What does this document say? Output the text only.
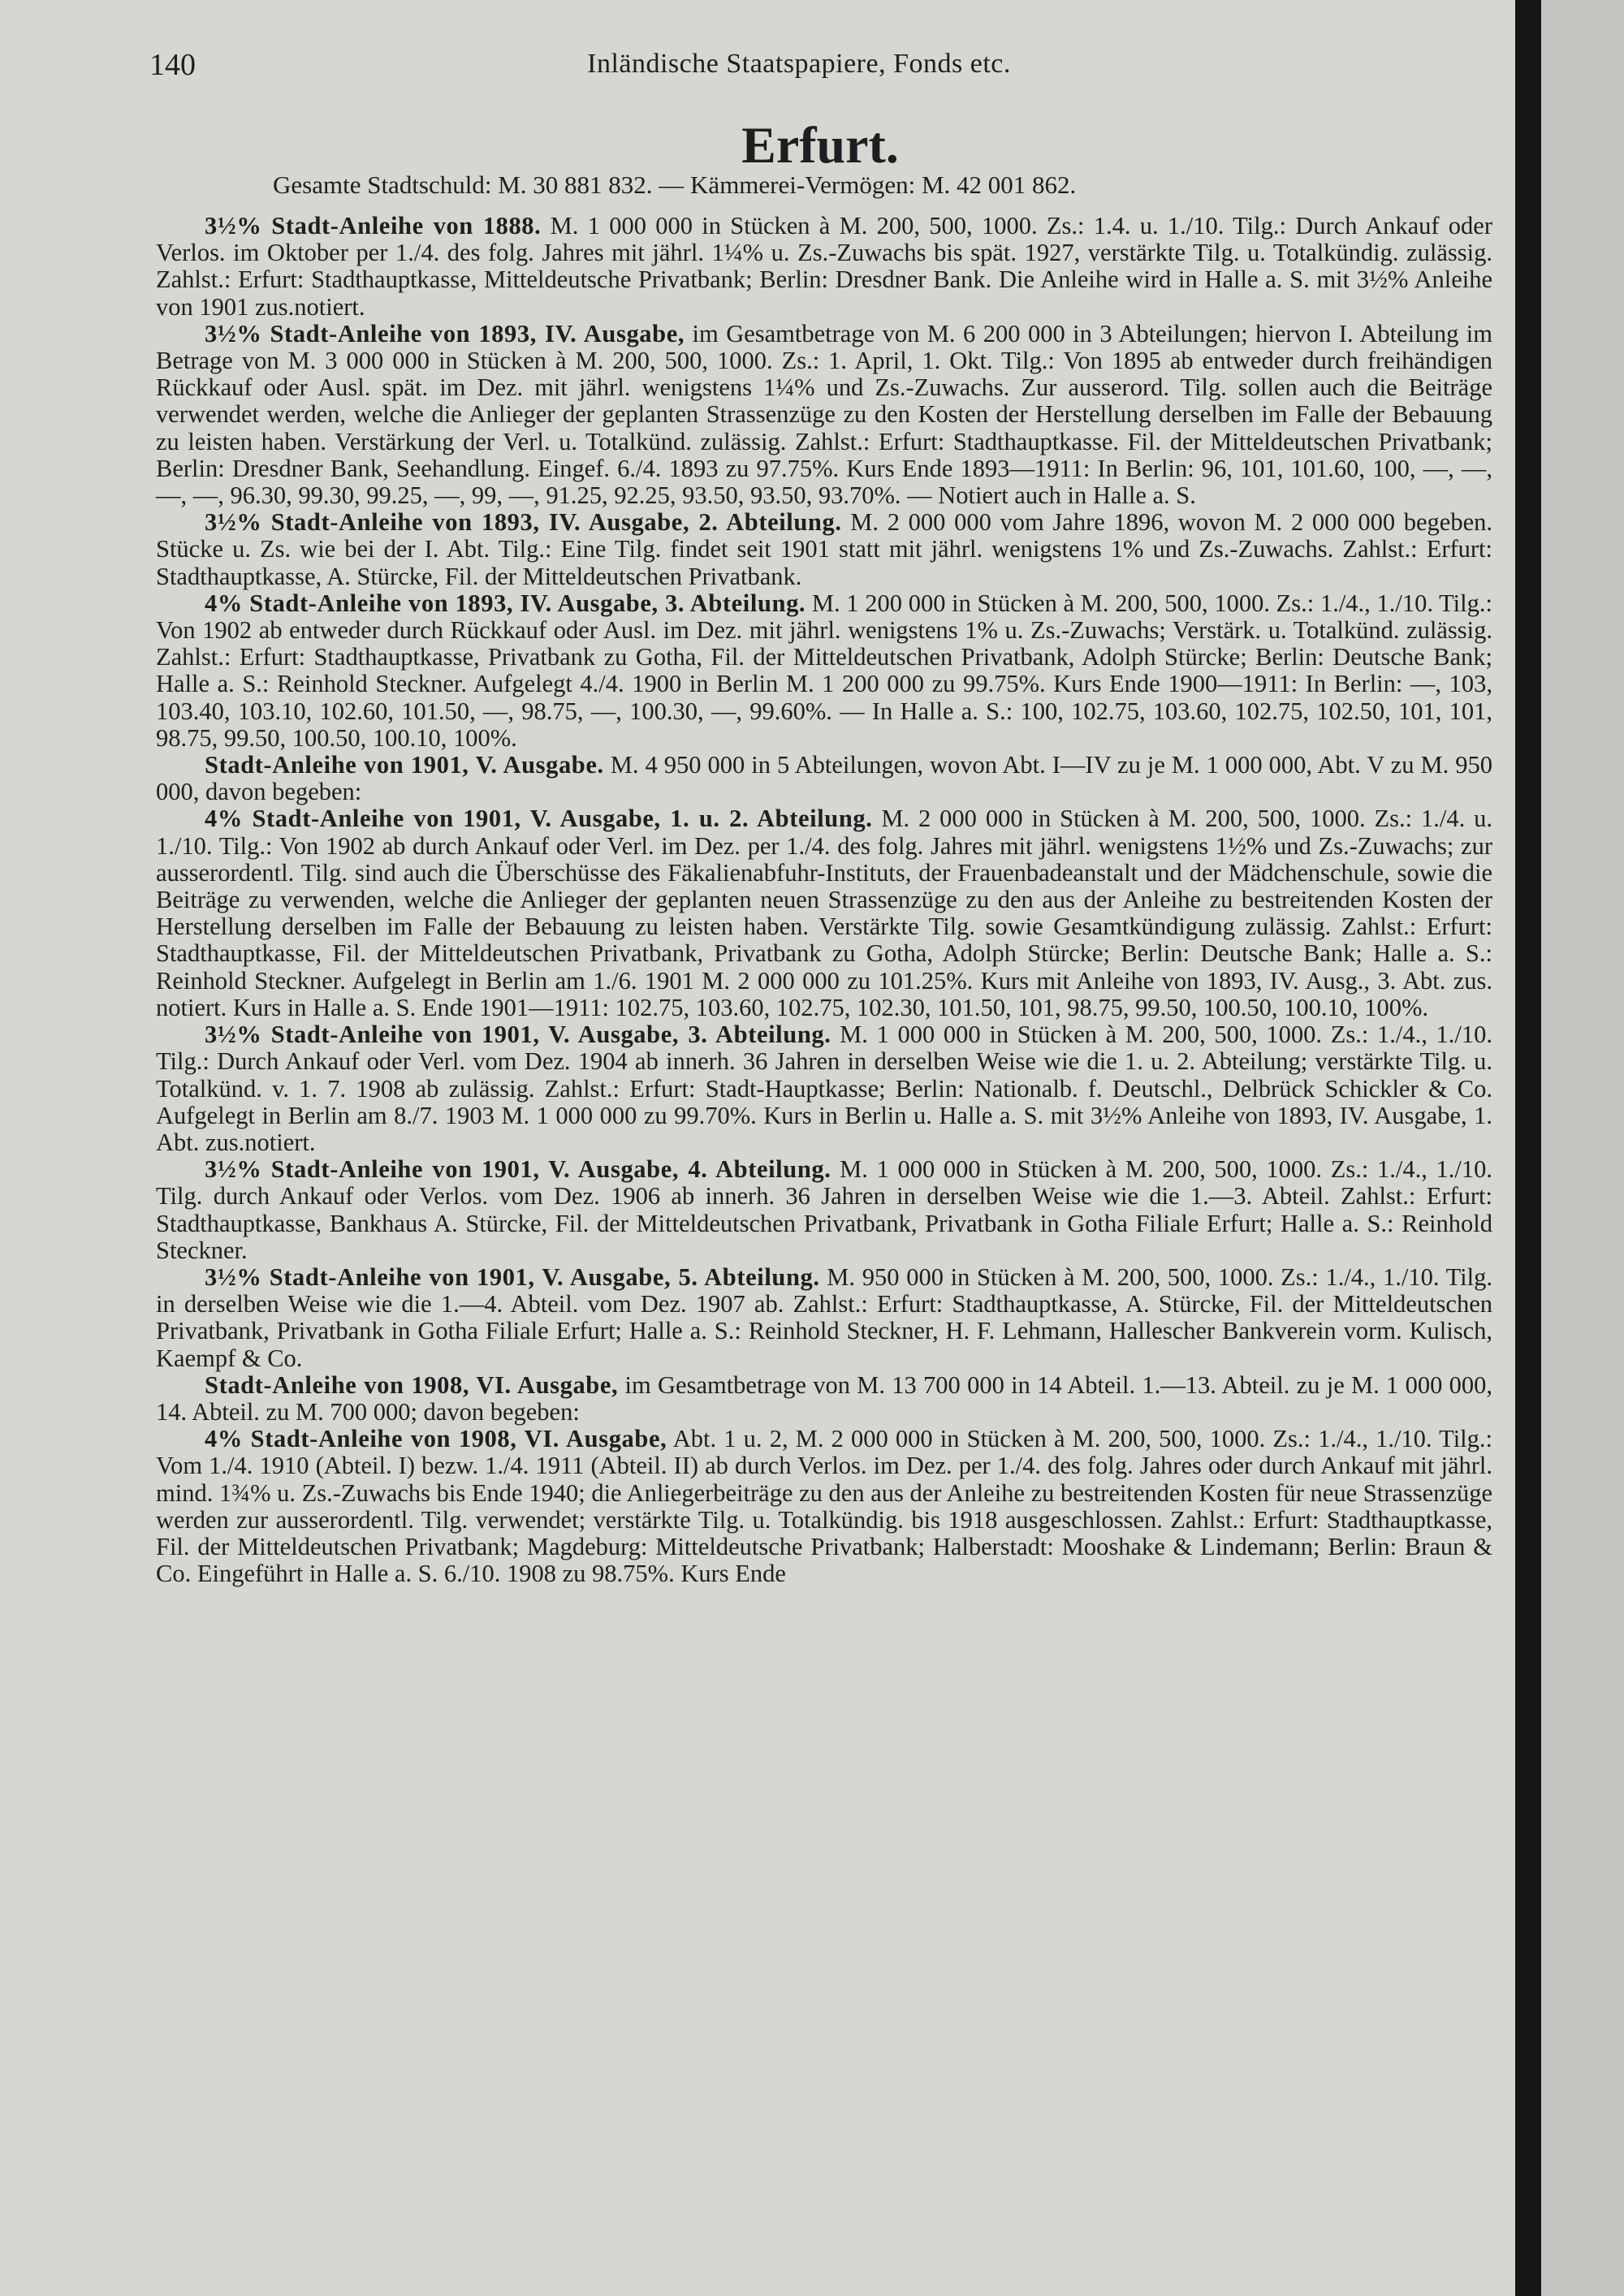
140	Inländische Staatspapiere, Fonds etc.
Erfurt.
Gesamte Stadtschuld: M. 30 881 832. — Kämmerei-Vermögen: M. 42 001 862.

3½% Stadt-Anleihe von 1888. M. 1 000 000 in Stücken à M. 200, 500, 1000. Zs.: 1.4. u. 1./10. Tilg.: Durch Ankauf oder Verlos. im Oktober per 1./4. des folg. Jahres mit jährl. 1¼% u. Zs.-Zuwachs bis spät. 1927, verstärkte Tilg. u. Totalkündig. zulässig. Zahlst.: Erfurt: Stadthauptkasse, Mitteldeutsche Privatbank; Berlin: Dresdner Bank. Die Anleihe wird in Halle a. S. mit 3½% Anleihe von 1901 zus.notiert.

3½% Stadt-Anleihe von 1893, IV. Ausgabe, im Gesamtbetrage von M. 6 200 000 in 3 Abteilungen; hiervon I. Abteilung im Betrage von M. 3 000 000 in Stücken à M. 200, 500, 1000. Zs.: 1. April, 1. Okt. Tilg.: Von 1895 ab entweder durch freihändigen Rückkauf oder Ausl. spät. im Dez. mit jährl. wenigstens 1¼% und Zs.-Zuwachs. Zur ausserord. Tilg. sollen auch die Beiträge verwendet werden, welche die Anlieger der geplanten Strassenzüge zu den Kosten der Herstellung derselben im Falle der Bebauung zu leisten haben. Verstärkung der Verl. u. Totalkünd. zulässig. Zahlst.: Erfurt: Stadthauptkasse. Fil. der Mitteldeutschen Privatbank; Berlin: Dresdner Bank, Seehandlung. Eingef. 6./4. 1893 zu 97.75%. Kurs Ende 1893—1911: In Berlin: 96, 101, 101.60, 100, —, —, —, —, 96.30, 99.30, 99.25, —, 99, —, 91.25, 92.25, 93.50, 93.50, 93.70%. — Notiert auch in Halle a. S.

3½% Stadt-Anleihe von 1893, IV. Ausgabe, 2. Abteilung. M. 2 000 000 vom Jahre 1896, wovon M. 2 000 000 begeben. Stücke u. Zs. wie bei der I. Abt. Tilg.: Eine Tilg. findet seit 1901 statt mit jährl. wenigstens 1% und Zs.-Zuwachs. Zahlst.: Erfurt: Stadthauptkasse, A. Stürcke, Fil. der Mitteldeutschen Privatbank.

4% Stadt-Anleihe von 1893, IV. Ausgabe, 3. Abteilung. M. 1 200 000 in Stücken à M. 200, 500, 1000. Zs.: 1./4., 1./10. Tilg.: Von 1902 ab entweder durch Rückkauf oder Ausl. im Dez. mit jährl. wenigstens 1% u. Zs.-Zuwachs; Verstärk. u. Totalkünd. zulässig. Zahlst.: Erfurt: Stadthauptkasse, Privatbank zu Gotha, Fil. der Mitteldeutschen Privatbank, Adolph Stürcke; Berlin: Deutsche Bank; Halle a. S.: Reinhold Steckner. Aufgelegt 4./4. 1900 in Berlin M. 1 200 000 zu 99.75%. Kurs Ende 1900—1911: In Berlin: —, 103, 103.40, 103.10, 102.60, 101.50, —, 98.75, —, 100.30, —, 99.60%. — In Halle a. S.: 100, 102.75, 103.60, 102.75, 102.50, 101, 101, 98.75, 99.50, 100.50, 100.10, 100%.

Stadt-Anleihe von 1901, V. Ausgabe. M. 4 950 000 in 5 Abteilungen, wovon Abt. I—IV zu je M. 1 000 000, Abt. V zu M. 950 000, davon begeben:

4% Stadt-Anleihe von 1901, V. Ausgabe, 1. u. 2. Abteilung. M. 2 000 000 in Stücken à M. 200, 500, 1000. Zs.: 1./4. u. 1./10. Tilg.: Von 1902 ab durch Ankauf oder Verl. im Dez. per 1./4. des folg. Jahres mit jährl. wenigstens 1½% und Zs.-Zuwachs; zur ausserordentl. Tilg. sind auch die Überschüsse des Fäkalienabfuhr-Instituts, der Frauenbadeanstalt und der Mädchenschule, sowie die Beiträge zu verwenden, welche die Anlieger der geplanten neuen Strassenzüge zu den aus der Anleihe zu bestreitenden Kosten der Herstellung derselben im Falle der Bebauung zu leisten haben. Verstärkte Tilg. sowie Gesamtkündigung zulässig. Zahlst.: Erfurt: Stadthauptkasse, Fil. der Mitteldeutschen Privatbank, Privatbank zu Gotha, Adolph Stürcke; Berlin: Deutsche Bank; Halle a. S.: Reinhold Steckner. Aufgelegt in Berlin am 1./6. 1901 M. 2 000 000 zu 101.25%. Kurs mit Anleihe von 1893, IV. Ausg., 3. Abt. zus. notiert. Kurs in Halle a. S. Ende 1901—1911: 102.75, 103.60, 102.75, 102.30, 101.50, 101, 98.75, 99.50, 100.50, 100.10, 100%.

3½% Stadt-Anleihe von 1901, V. Ausgabe, 3. Abteilung. M. 1 000 000 in Stücken à M. 200, 500, 1000. Zs.: 1./4., 1./10. Tilg.: Durch Ankauf oder Verl. vom Dez. 1904 ab innerh. 36 Jahren in derselben Weise wie die 1. u. 2. Abteilung; verstärkte Tilg. u. Totalkünd. v. 1. 7. 1908 ab zulässig. Zahlst.: Erfurt: Stadt-Hauptkasse; Berlin: Nationalb. f. Deutschl., Delbrück Schickler & Co. Aufgelegt in Berlin am 8./7. 1903 M. 1 000 000 zu 99.70%. Kurs in Berlin u. Halle a. S. mit 3½% Anleihe von 1893, IV. Ausgabe, 1. Abt. zus.notiert.

3½% Stadt-Anleihe von 1901, V. Ausgabe, 4. Abteilung. M. 1 000 000 in Stücken à M. 200, 500, 1000. Zs.: 1./4., 1./10. Tilg. durch Ankauf oder Verlos. vom Dez. 1906 ab innerh. 36 Jahren in derselben Weise wie die 1.—3. Abteil. Zahlst.: Erfurt: Stadthauptkasse, Bankhaus A. Stürcke, Fil. der Mitteldeutschen Privatbank, Privatbank in Gotha Filiale Erfurt; Halle a. S.: Reinhold Steckner.

3½% Stadt-Anleihe von 1901, V. Ausgabe, 5. Abteilung. M. 950 000 in Stücken à M. 200, 500, 1000. Zs.: 1./4., 1./10. Tilg. in derselben Weise wie die 1.—4. Abteil. vom Dez. 1907 ab. Zahlst.: Erfurt: Stadthauptkasse, A. Stürcke, Fil. der Mitteldeutschen Privatbank, Privatbank in Gotha Filiale Erfurt; Halle a. S.: Reinhold Steckner, H. F. Lehmann, Hallescher Bankverein vorm. Kulisch, Kaempf & Co.

Stadt-Anleihe von 1908, VI. Ausgabe, im Gesamtbetrage von M. 13 700 000 in 14 Abteil. 1.—13. Abteil. zu je M. 1 000 000, 14. Abteil. zu M. 700 000; davon begeben:

4% Stadt-Anleihe von 1908, VI. Ausgabe, Abt. 1 u. 2, M. 2 000 000 in Stücken à M. 200, 500, 1000. Zs.: 1./4., 1./10. Tilg.: Vom 1./4. 1910 (Abteil. I) bezw. 1./4. 1911 (Abteil. II) ab durch Verlos. im Dez. per 1./4. des folg. Jahres oder durch Ankauf mit jährl. mind. 1¾% u. Zs.-Zuwachs bis Ende 1940; die Anliegerbeiträge zu den aus der Anleihe zu bestreitenden Kosten für neue Strassenzüge werden zur ausserordentl. Tilg. verwendet; verstärkte Tilg. u. Totalkündig. bis 1918 ausgeschlossen. Zahlst.: Erfurt: Stadthauptkasse, Fil. der Mitteldeutschen Privatbank; Magdeburg: Mitteldeutsche Privatbank; Halberstadt: Mooshake & Lindemann; Berlin: Braun & Co. Eingeführt in Halle a. S. 6./10. 1908 zu 98.75%. Kurs Ende
